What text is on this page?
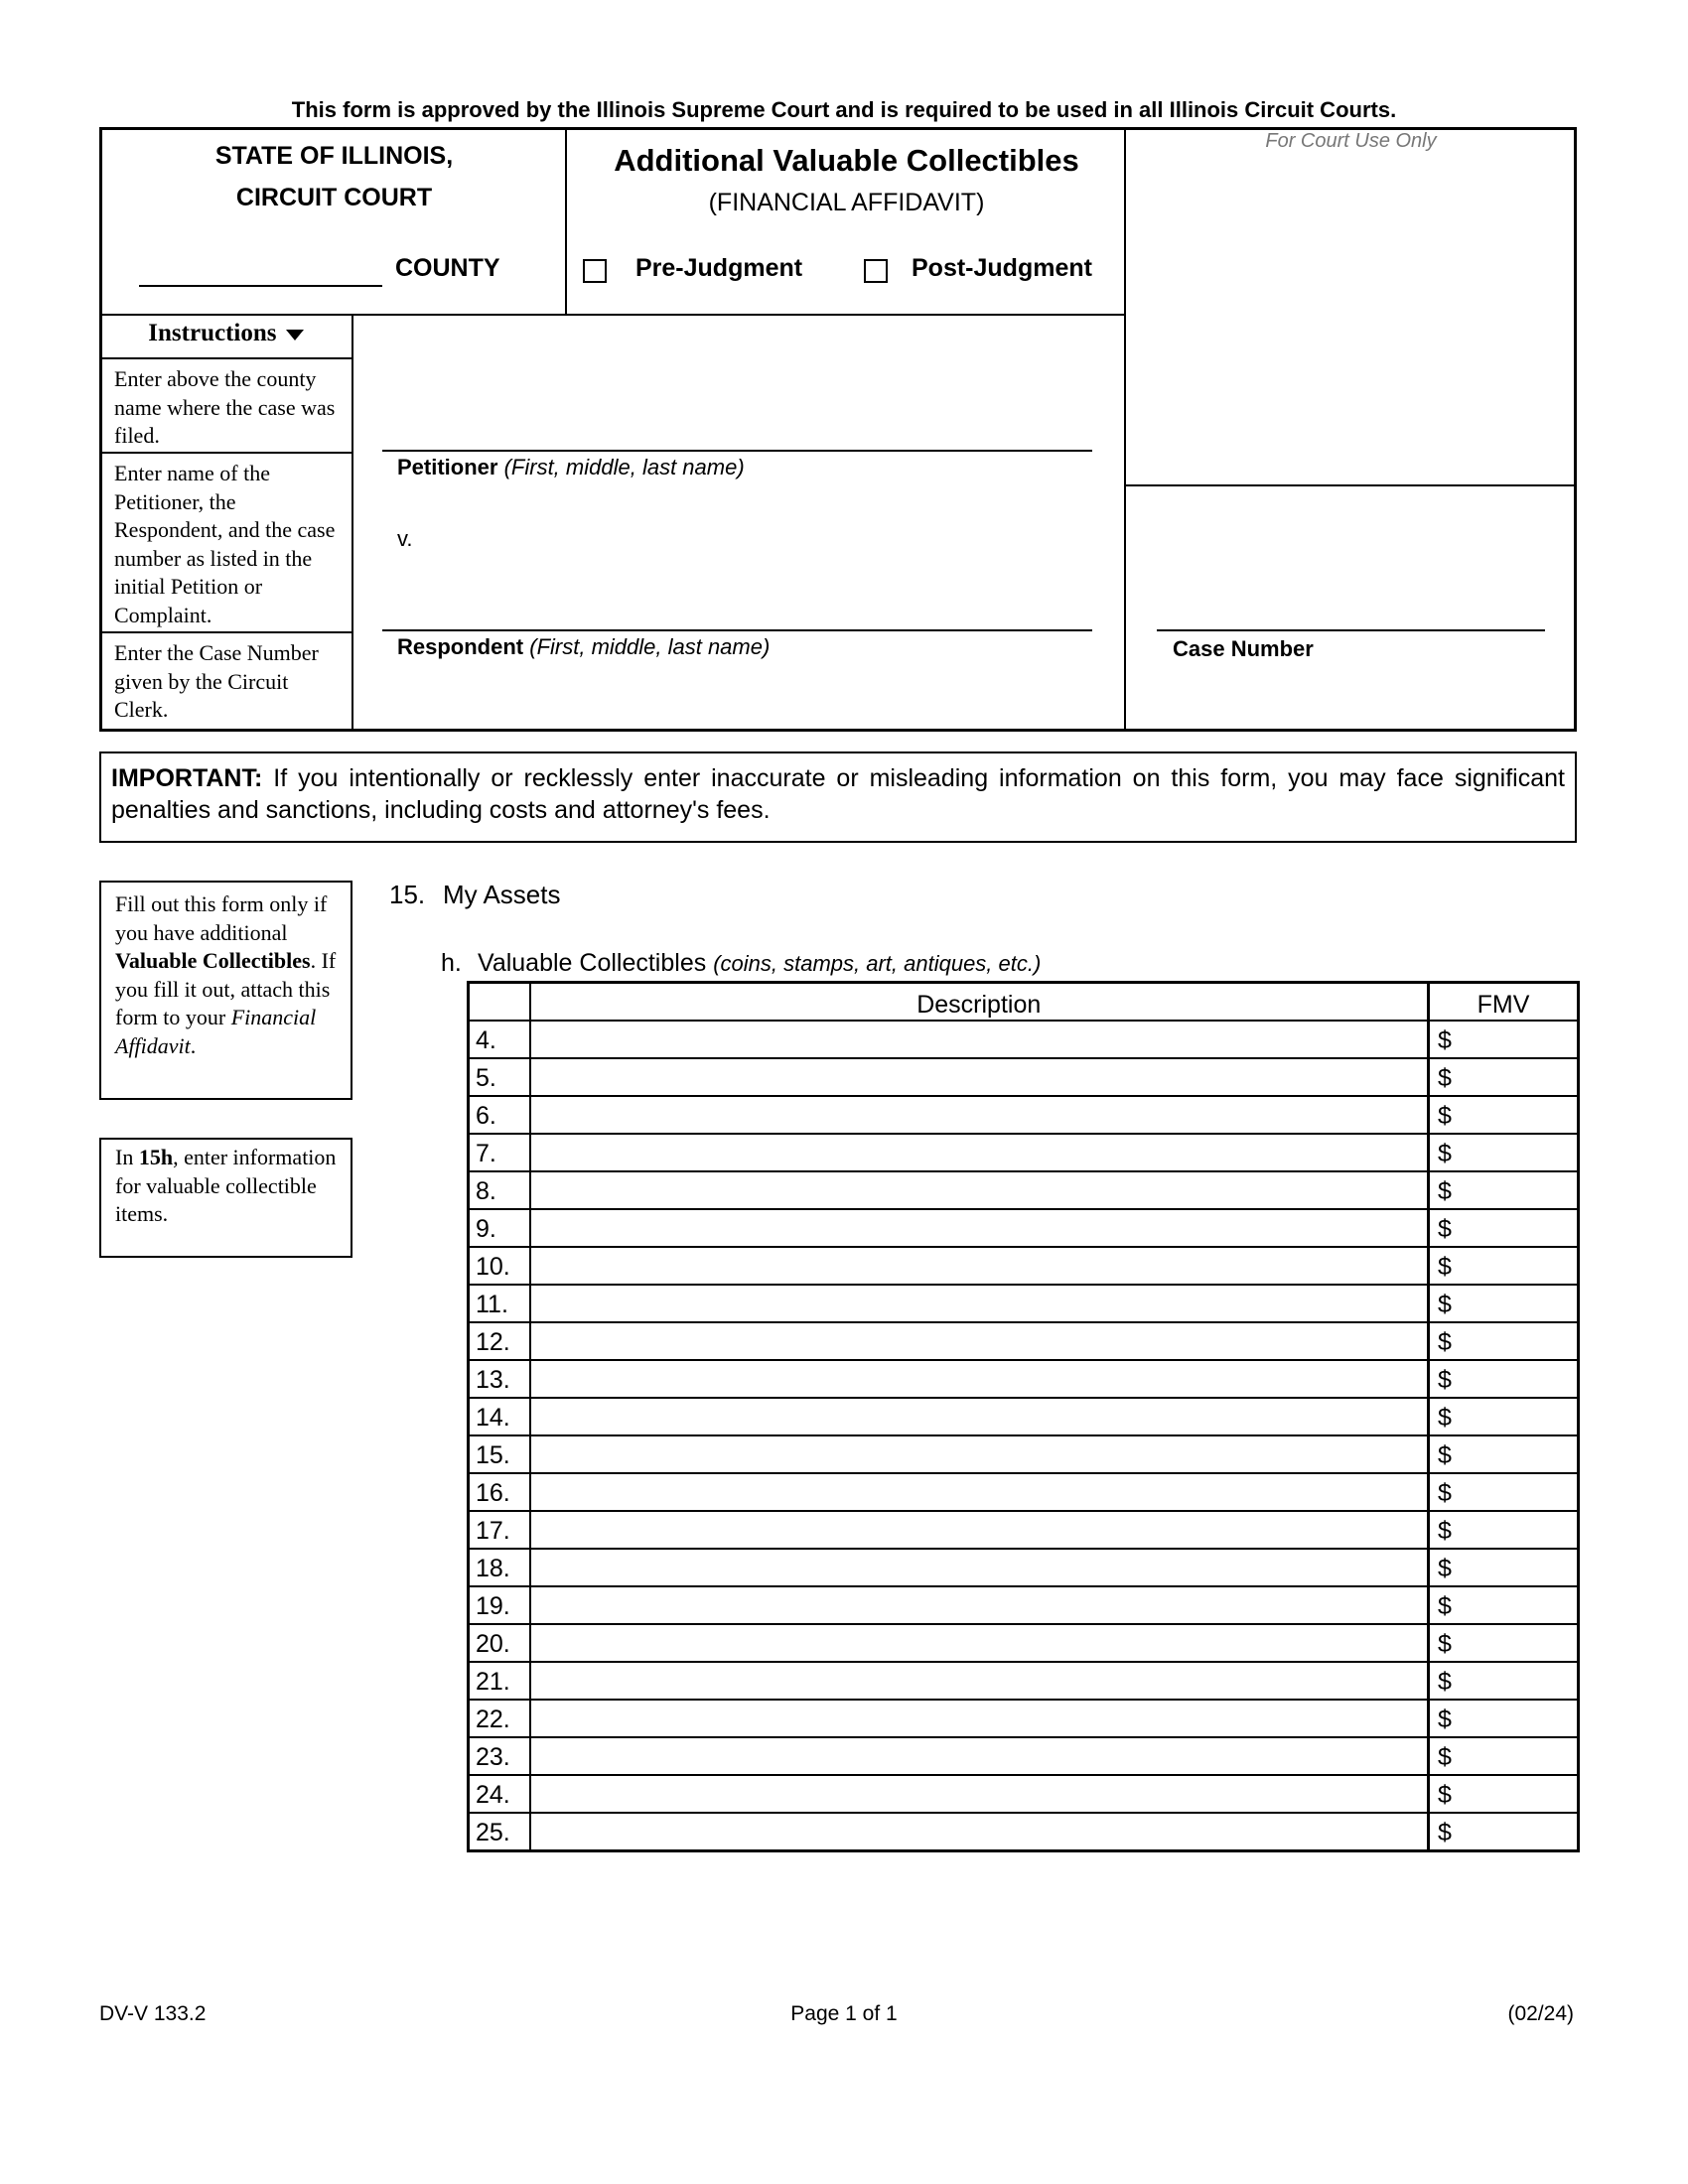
This form is approved by the Illinois Supreme Court and is required to be used in all Illinois Circuit Courts.
STATE OF ILLINOIS,
CIRCUIT COURT
COUNTY
Additional Valuable Collectibles
(FINANCIAL AFFIDAVIT)
Pre-Judgment	Post-Judgment
For Court Use Only
Instructions
Enter above the county name where the case was filed.
Enter name of the Petitioner, the Respondent, and the case number as listed in the initial Petition or Complaint.
Enter the Case Number given by the Circuit Clerk.
Petitioner (First, middle, last name)
v.
Respondent (First, middle, last name)	Case Number
IMPORTANT: If you intentionally or recklessly enter inaccurate or misleading information on this form, you may face significant penalties and sanctions, including costs and attorney's fees.
Fill out this form only if you have additional Valuable Collectibles. If you fill it out, attach this form to your Financial Affidavit.
In 15h, enter information for valuable collectible items.
15. My Assets
h. Valuable Collectibles (coins, stamps, art, antiques, etc.)
	Description	FMV
4.		$
5.		$
6.		$
7.		$
8.		$
9.		$
10.		$
11.		$
12.		$
13.		$
14.		$
15.		$
16.		$
17.		$
18.		$
19.		$
20.		$
21.		$
22.		$
23.		$
24.		$
25.		$
DV-V 133.2	Page 1 of 1	(02/24)
